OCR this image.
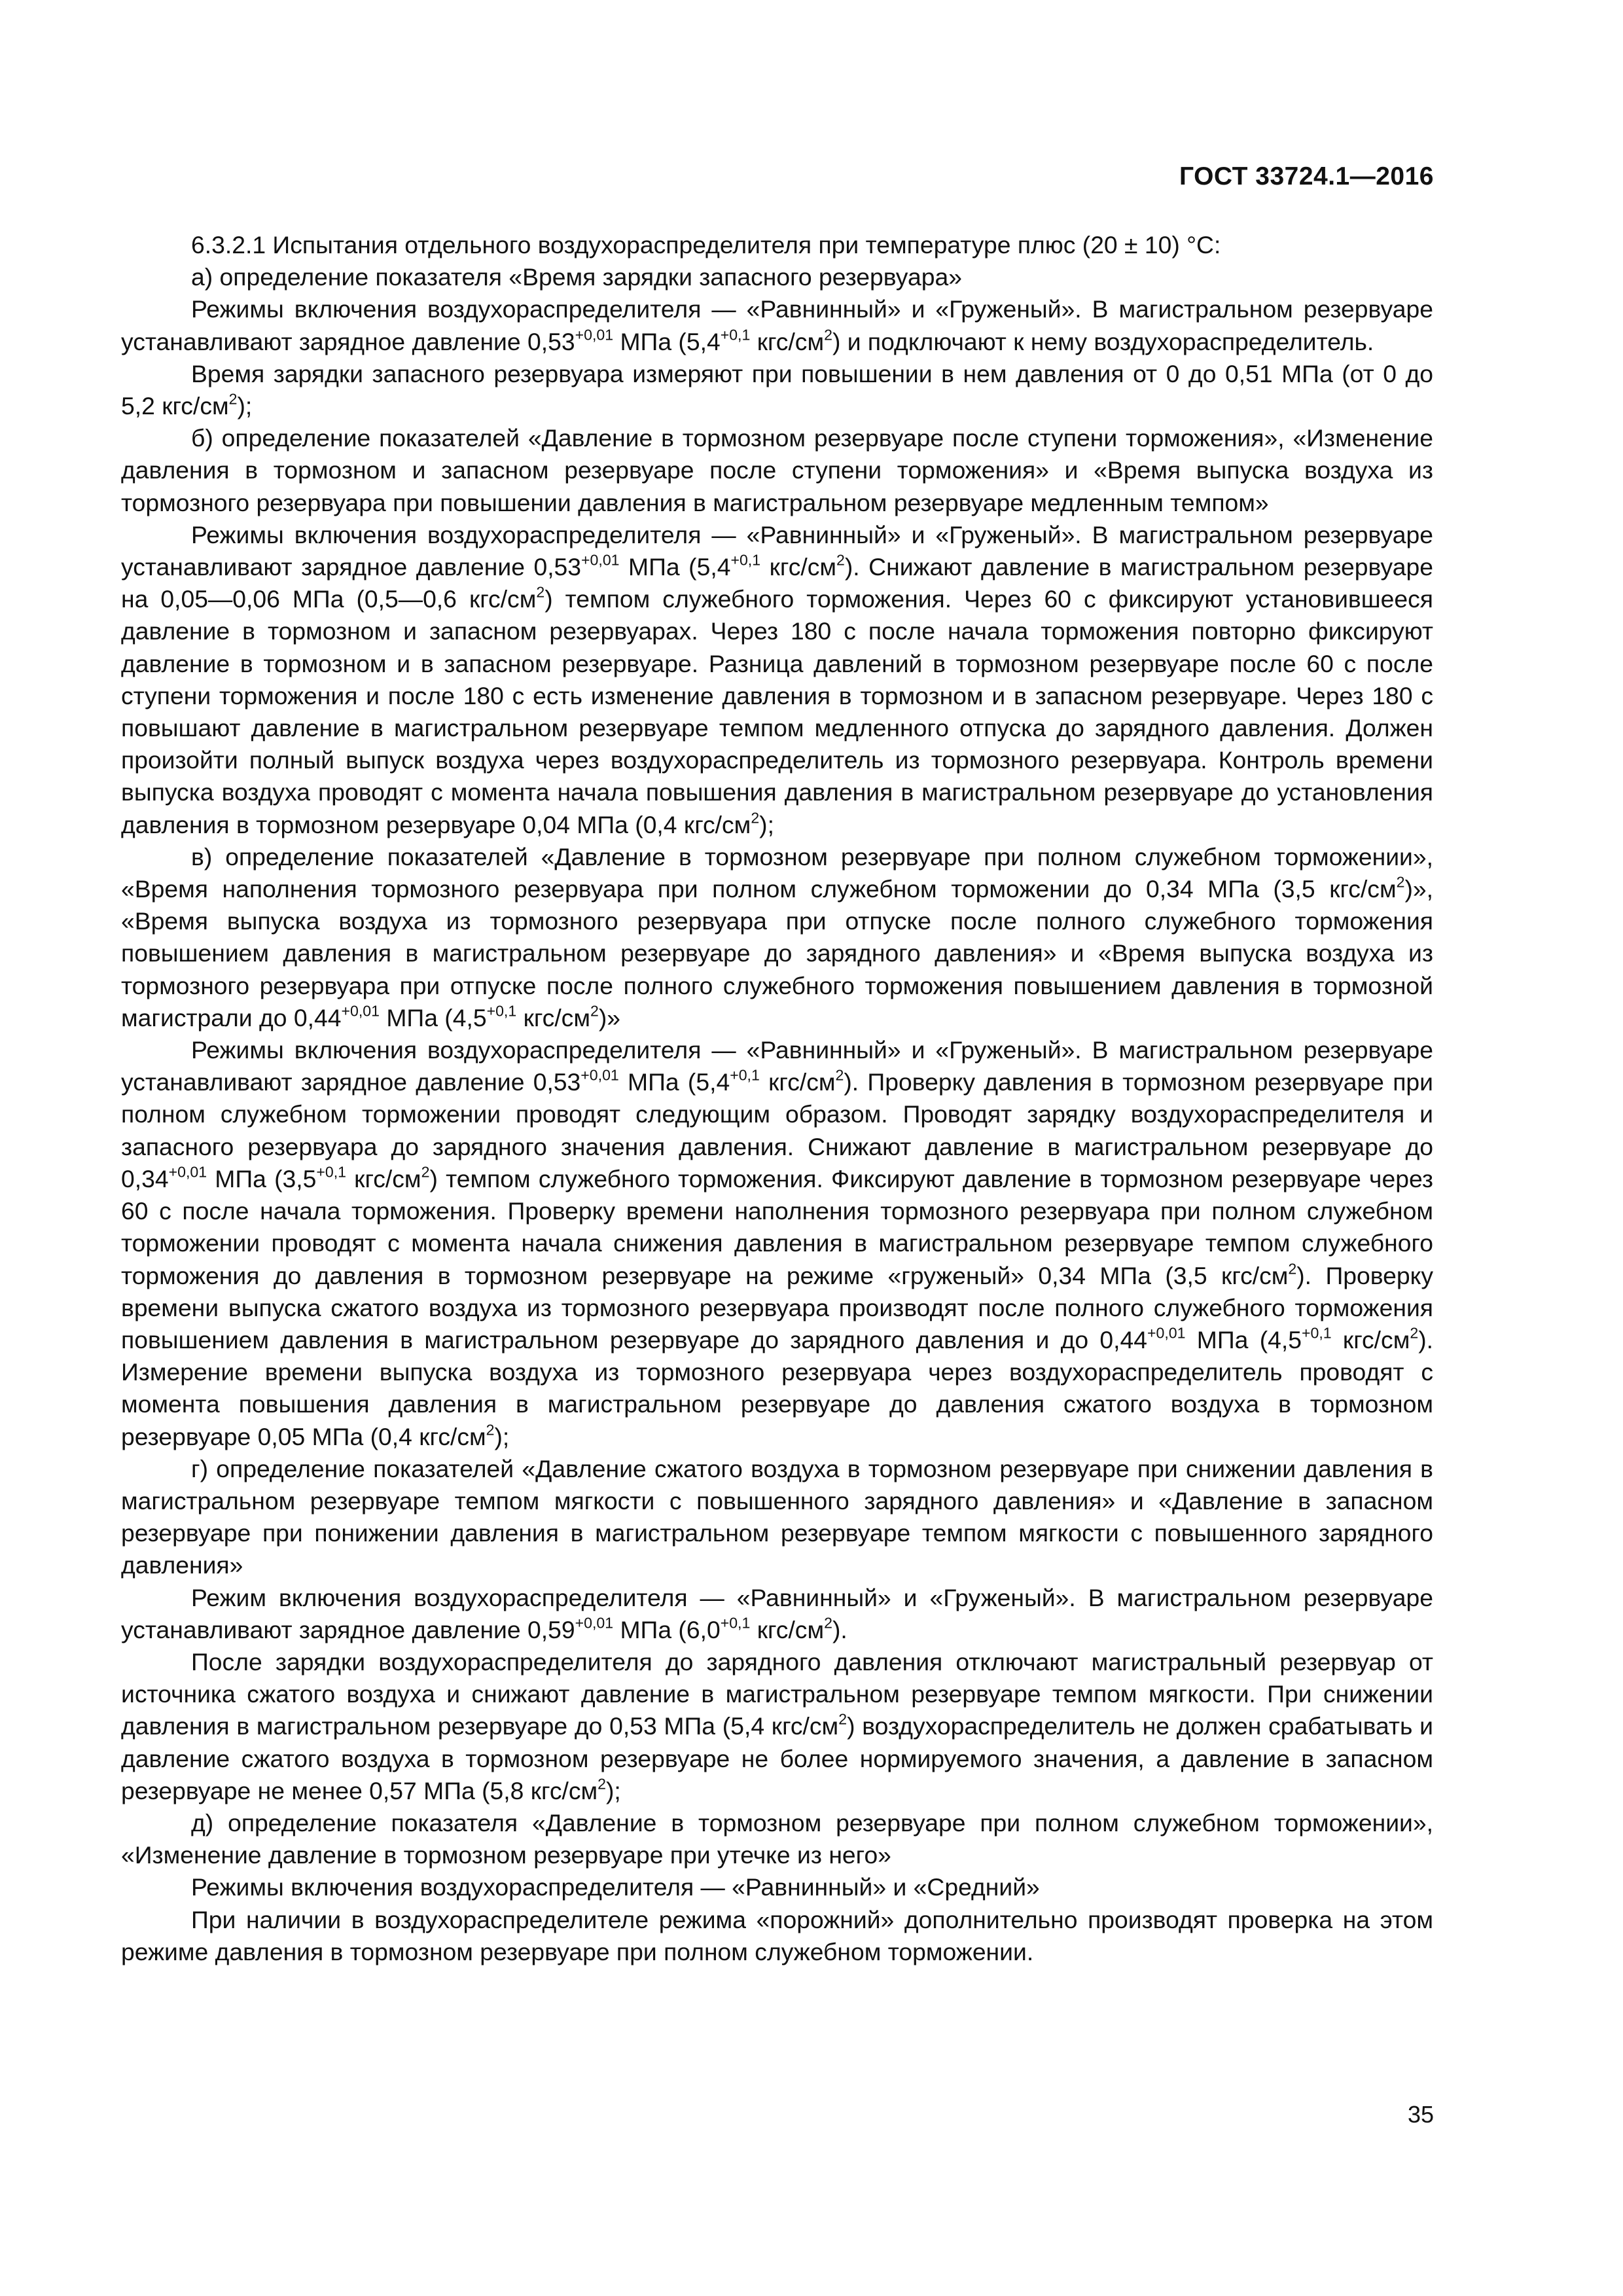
ГОСТ 33724.1—2016

6.3.2.1 Испытания отдельного воздухораспределителя при температуре плюс (20 ± 10) °С:

а) определение показателя «Время зарядки запасного резервуара»

Режимы включения воздухораспределителя — «Равнинный» и «Груженый». В магистральном резервуаре устанавливают зарядное давление $0,53^{+0,01}$ МПа ($5,4^{+0,1}$ кгс/$см^2$) и подключают к нему воздухораспределитель.

Время зарядки запасного резервуара измеряют при повышении в нем давления от 0 до 0,51 МПа (от 0 до 5,2 кгс/$см^2$);

б) определение показателей «Давление в тормозном резервуаре после ступени торможения», «Изменение давления в тормозном и запасном резервуаре после ступени торможения» и «Время выпуска воздуха из тормозного резервуара при повышении давления в магистральном резервуаре медленным темпом»

Режимы включения воздухораспределителя — «Равнинный» и «Груженый». В магистральном резервуаре устанавливают зарядное давление $0,53^{+0,01}$ МПа ($5,4^{+0,1}$ кгс/$см^2$). Снижают давление в магистральном резервуаре на 0,05—0,06 МПа (0,5—0,6 кгс/$см^2$) темпом служебного торможения. Через 60 с фиксируют установившееся давление в тормозном и запасном резервуарах. Через 180 с после начала торможения повторно фиксируют давление в тормозном и в запасном резервуаре. Разница давлений в тормозном резервуаре после 60 с после ступени торможения и после 180 с есть изменение давления в тормозном и в запасном резервуаре. Через 180 с повышают давление в магистральном резервуаре темпом медленного отпуска до зарядного давления. Должен произойти полный выпуск воздуха через воздухораспределитель из тормозного резервуара. Контроль времени выпуска воздуха проводят с момента начала повышения давления в магистральном резервуаре до установления давления в тормозном резервуаре 0,04 МПа (0,4 кгс/$см^2$);

в) определение показателей «Давление в тормозном резервуаре при полном служебном торможении», «Время наполнения тормозного резервуара при полном служебном торможении до 0,34 МПа (3,5 кгс/$см^2$)», «Время выпуска воздуха из тормозного резервуара при отпуске после полного служебного торможения повышением давления в магистральном резервуаре до зарядного давления» и «Время выпуска воздуха из тормозного резервуара при отпуске после полного служебного торможения повышением давления в тормозной магистрали до $0,44^{+0,01}$ МПа ($4,5^{+0,1}$ кгс/$см^2$)»

Режимы включения воздухораспределителя — «Равнинный» и «Груженый». В магистральном резервуаре устанавливают зарядное давление $0,53^{+0,01}$ МПа ($5,4^{+0,1}$ кгс/$см^2$). Проверку давления в тормозном резервуаре при полном служебном торможении проводят следующим образом. Проводят зарядку воздухораспределителя и запасного резервуара до зарядного значения давления. Снижают давление в магистральном резервуаре до $0,34^{+0,01}$ МПа ($3,5^{+0,1}$ кгс/$см^2$) темпом служебного торможения. Фиксируют давление в тормозном резервуаре через 60 с после начала торможения. Проверку времени наполнения тормозного резервуара при полном служебном торможении проводят с момента начала снижения давления в магистральном резервуаре темпом служебного торможения до давления в тормозном резервуаре на режиме «груженый» 0,34 МПа (3,5 кгс/$см^2$). Проверку времени выпуска сжатого воздуха из тормозного резервуара производят после полного служебного торможения повышением давления в магистральном резервуаре до зарядного давления и до $0,44^{+0,01}$ МПа ($4,5^{+0,1}$ кгс/$см^2$). Измерение времени выпуска воздуха из тормозного резервуара через воздухораспределитель проводят с момента повышения давления в магистральном резервуаре до давления сжатого воздуха в тормозном резервуаре 0,05 МПа (0,4 кгс/$см^2$);

г) определение показателей «Давление сжатого воздуха в тормозном резервуаре при снижении давления в магистральном резервуаре темпом мягкости с повышенного зарядного давления» и «Давление в запасном резервуаре при понижении давления в магистральном резервуаре темпом мягкости с повышенного зарядного давления»

Режим включения воздухораспределителя — «Равнинный» и «Груженый». В магистральном резервуаре устанавливают зарядное давление $0,59^{+0,01}$ МПа ($6,0^{+0,1}$ кгс/$см^2$).

После зарядки воздухораспределителя до зарядного давления отключают магистральный резервуар от источника сжатого воздуха и снижают давление в магистральном резервуаре темпом мягкости. При снижении давления в магистральном резервуаре до 0,53 МПа (5,4 кгс/$см^2$) воздухораспределитель не должен срабатывать и давление сжатого воздуха в тормозном резервуаре не более нормируемого значения, а давление в запасном резервуаре не менее 0,57 МПа (5,8 кгс/$см^2$);

д) определение показателя «Давление в тормозном резервуаре при полном служебном торможении», «Изменение давление в тормозном резервуаре при утечке из него»

Режимы включения воздухораспределителя — «Равнинный» и «Средний»

При наличии в воздухораспределителе режима «порожний» дополнительно производят проверка на этом режиме давления в тормозном резервуаре при полном служебном торможении.

35
